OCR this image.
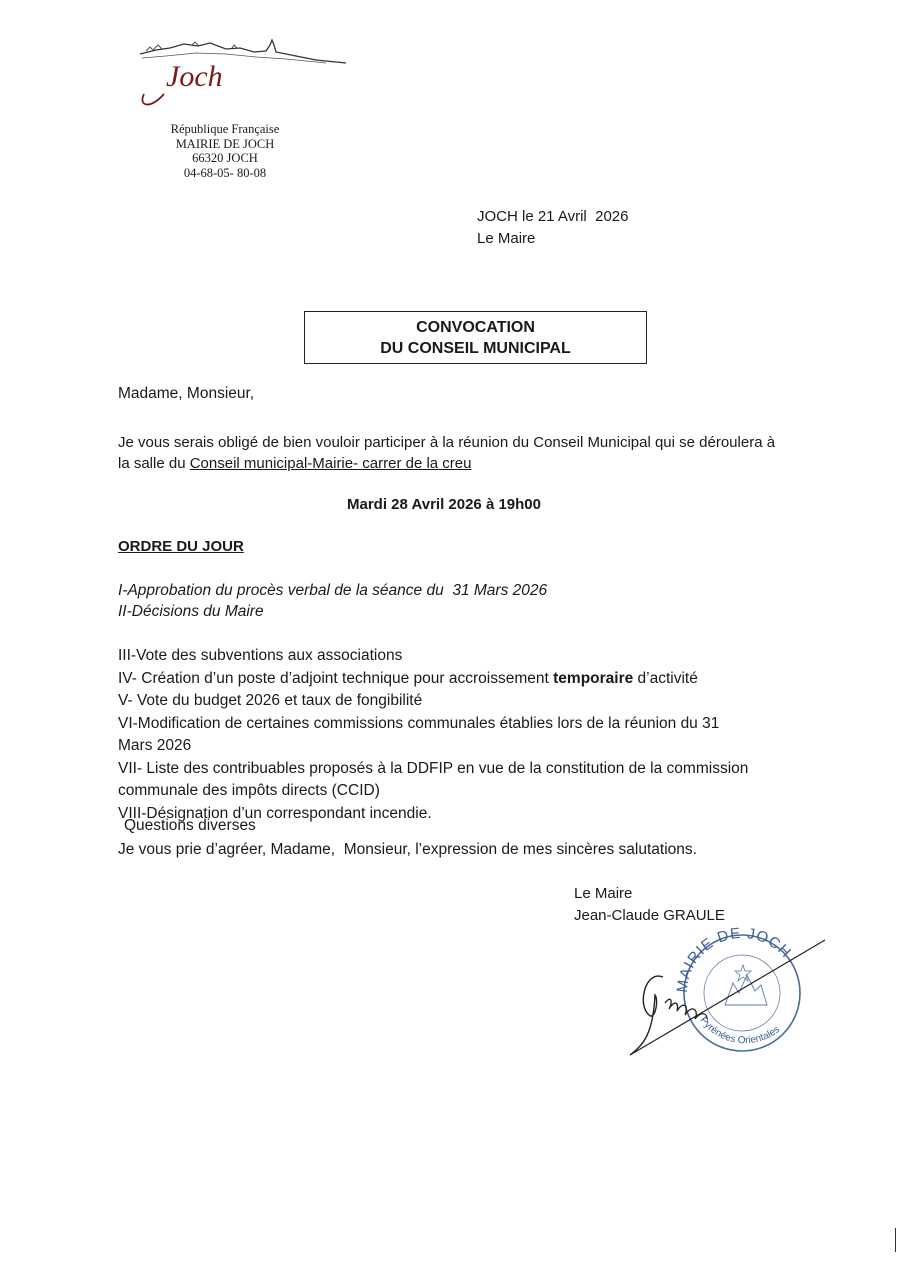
Joch
République Française
MAIRIE DE JOCH
66320 JOCH
04-68-05- 80-08
JOCH le 21 Avril  2026
Le Maire
CONVOCATION
DU CONSEIL MUNICIPAL
Madame, Monsieur,
Je vous serais obligé de bien vouloir participer à la réunion du Conseil Municipal qui se déroulera à la salle du Conseil municipal-Mairie- carrer de la creu
Mardi 28 Avril 2026 à 19h00
ORDRE DU JOUR
I-Approbation du procès verbal de la séance du  31 Mars 2026
II-Décisions du Maire
III-Vote des subventions aux associations
IV- Création d’un poste d’adjoint technique pour accroissement temporaire d’activité
V- Vote du budget 2026 et taux de fongibilité
VI-Modification de certaines commissions communales établies lors de la réunion du 31 Mars 2026
VII- Liste des contribuables proposés à la DDFIP en vue de la constitution de la commission communale des impôts directs (CCID)
VIII-Désignation d’un correspondant incendie.
Questions diverses
Je vous prie d’agréer, Madame,  Monsieur, l’expression de mes sincères salutations.
Le Maire
Jean-Claude GRAULE
MAIRIE DE JOCH
Pyrénées Orientales
